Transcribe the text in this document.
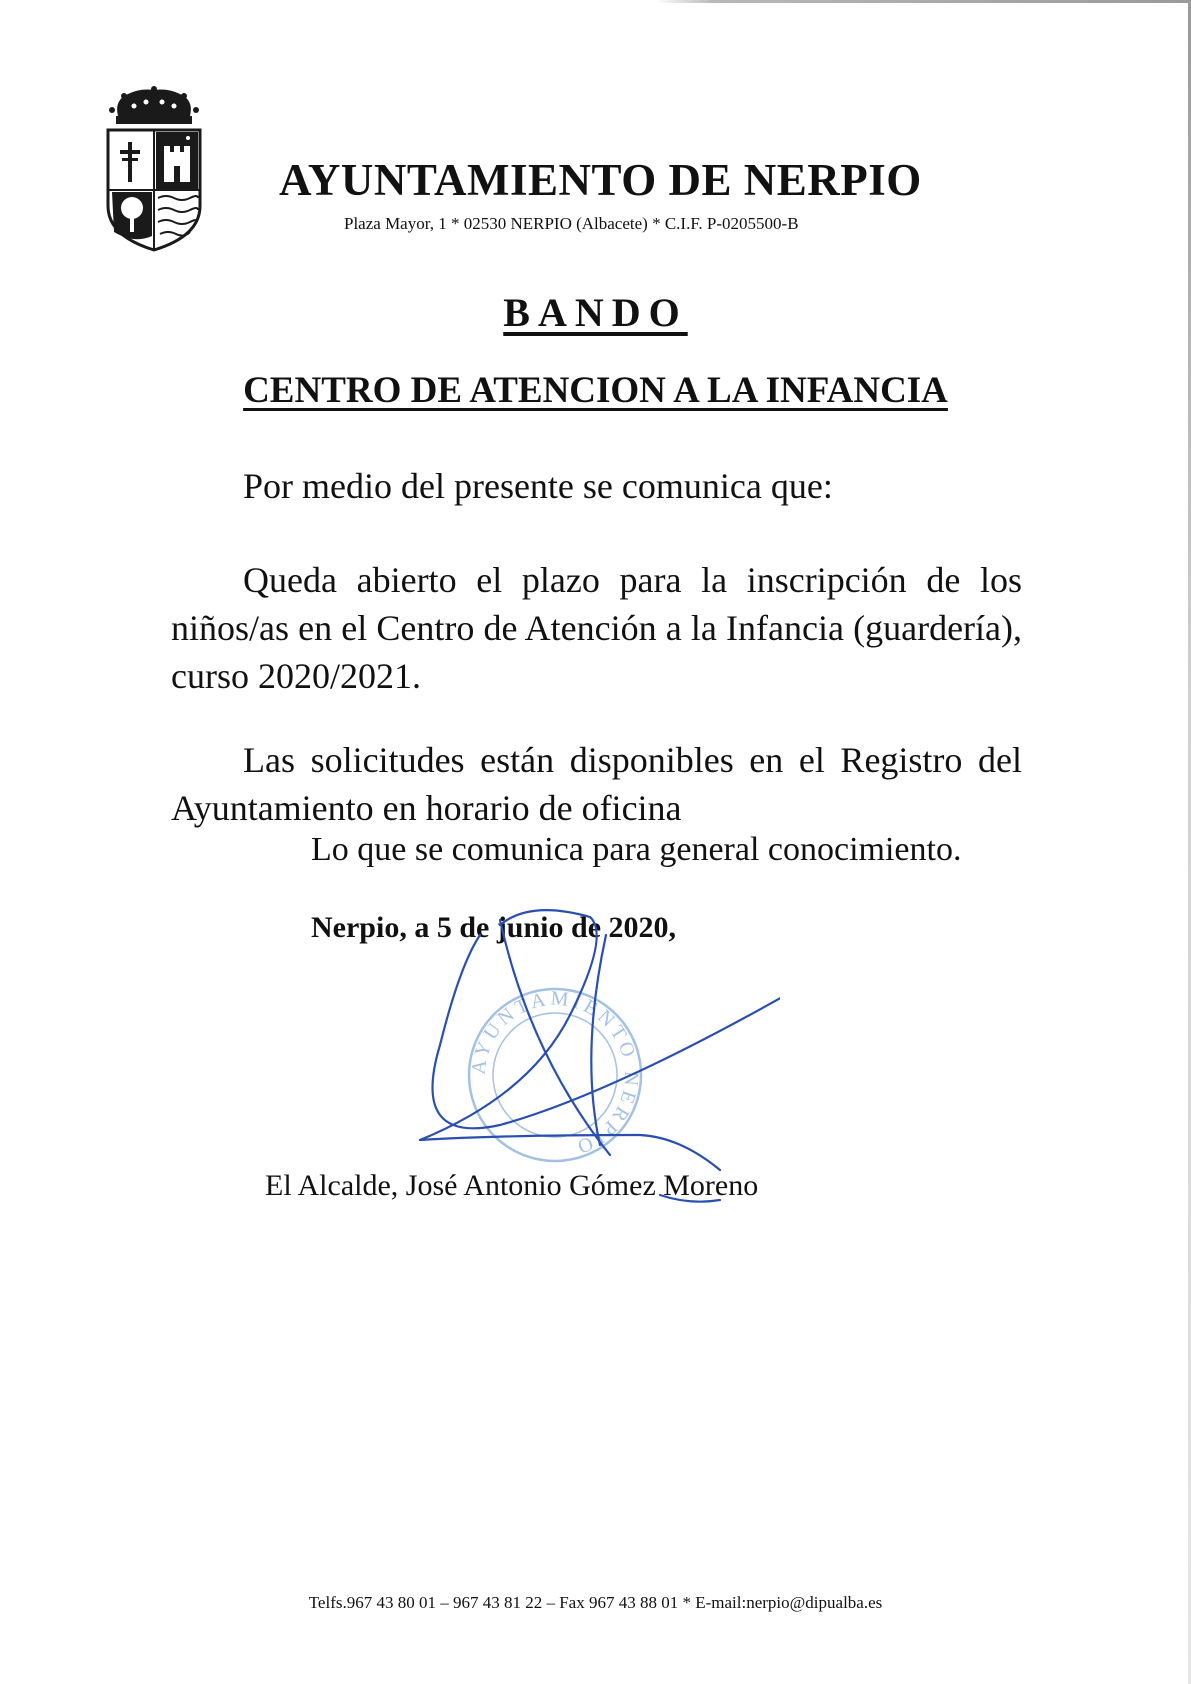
AYUNTAMIENTO DE NERPIO
Plaza Mayor, 1 * 02530 NERPIO (Albacete) * C.I.F. P-0205500-B
BANDO
CENTRO DE ATENCION A LA INFANCIA
Por medio del presente se comunica que:
Queda abierto el plazo para la inscripción de los niños/as en el Centro de Atención a la Infancia (guardería), curso 2020/2021.
Las solicitudes están disponibles en el Registro del Ayuntamiento en horario de oficina
Lo que se comunica para general conocimiento.
Nerpio, a 5 de junio de 2020,
AYUNTAMIENTO NERPIO
El Alcalde, José Antonio Gómez Moreno
Telfs.967 43 80 01 – 967 43 81 22 – Fax 967 43 88 01 * E-mail:nerpio@dipualba.es
